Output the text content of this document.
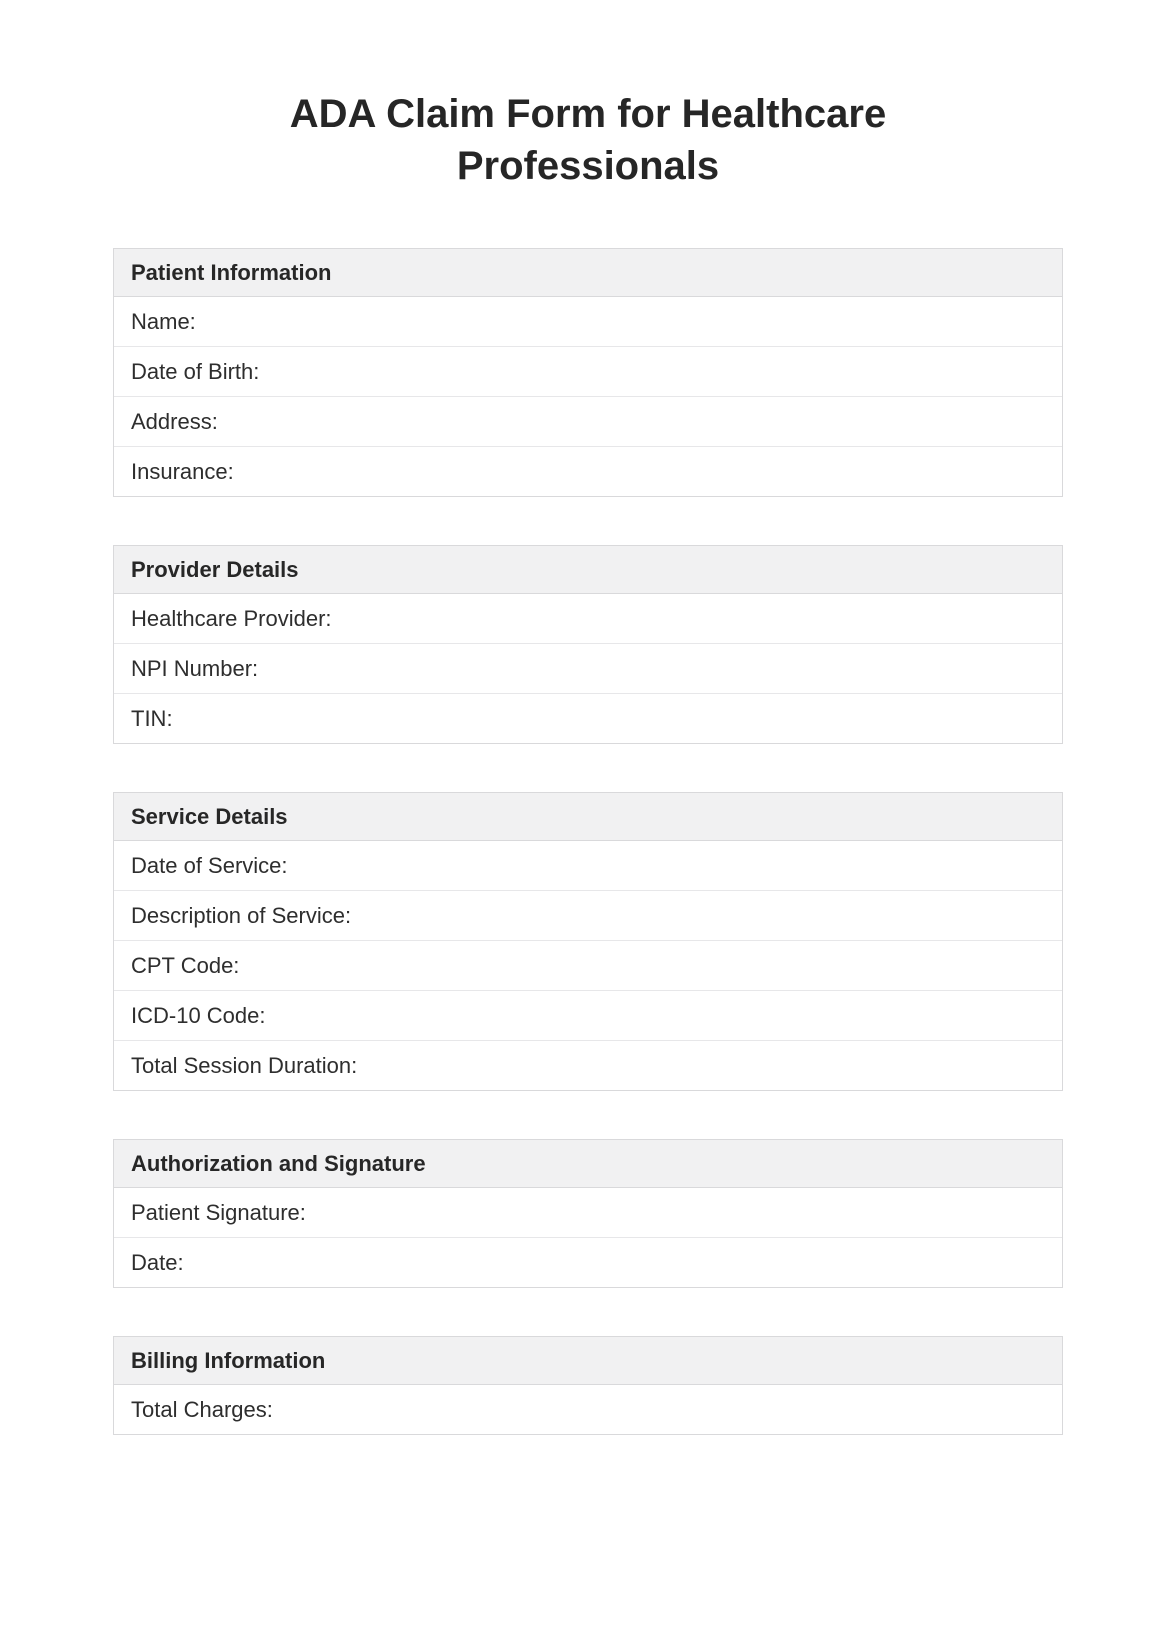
ADA Claim Form for Healthcare Professionals
Patient Information
Name:
Date of Birth:
Address:
Insurance:
Provider Details
Healthcare Provider:
NPI Number:
TIN:
Service Details
Date of Service:
Description of Service:
CPT Code:
ICD-10 Code:
Total Session Duration:
Authorization and Signature
Patient Signature:
Date:
Billing Information
Total Charges:
